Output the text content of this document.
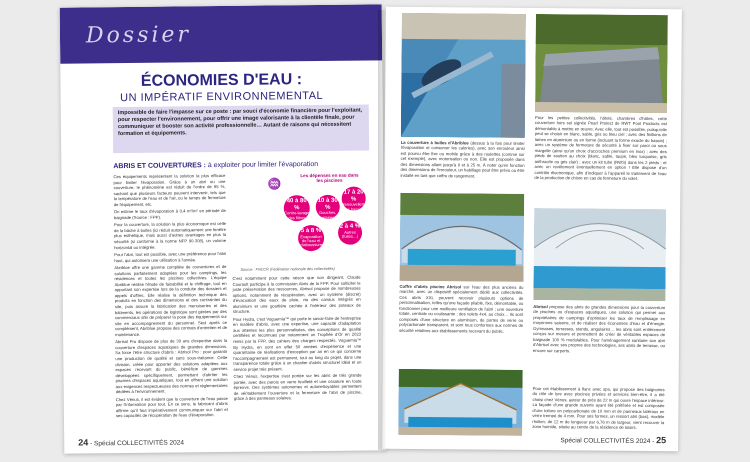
Dossier
ÉCONOMIES D'EAU :
UN IMPÉRATIF ENVIRONNEMENTAL
Impossible de faire l'impasse sur ce poste : par souci d'économie financière pour l'exploitant, pour respecter l'environnement, pour offrir une image valorisante à la clientèle finale, pour communiquer et booster son activité professionnelle… Autant de raisons qui nécessitent formation et équipements.
ABRIS ET COUVERTURES : à exploiter pour limiter l'évaporation

Ces équipements représentent la solution la plus efficace pour limiter l'évaporation. Grâce à un abri ou une couverture, le phénomène est réduit de l'ordre de 95 %, sachant que plusieurs facteurs peuvent intervenir, tels que la température de l'eau et de l'air, ou le temps de fermeture de l'équipement, etc.

On estime le taux d'évaporation à 0,4 m³/m² en période de baignade (Source : FPP).

Pour la couverture, la solution la plus économique est celle de la bâche à bulles (ici réduit automatiquement une fenêtre plus esthétique, mais aussi d'autres avantages en plus la sécurité (si conforme à la norme NFP 90-308), un volume horizontal ou intégrée.

Pour l'abri, tout est possible, avec une préférence pour l'abri haut, qui autorisera une utilisation à l'année.

Abriblue offre une gamme complète de couvertures et de solutions parfaitement adaptées pour les campings, les résidences et toutes les piscines collectives. L'équipe Abriblue réalise l'étude de faisabilité et le chiffrage, tout en apportant son expertise lors de la conduite des dossiers et appels d'offres. Elle réalise la définition technique des produits en fonction des dimensions et des contraintes du site, puis assure la fabrication des menuiseries et des bâtiments, les opérations de logistique sont gérées par des commerciaux afin de préparer la pose des équipements sur site en accompagnement du personnel. Seul après ce complément, Abriblue propose des contrats d'entretien et de maintenance.

Abrisol Pro dispose de plus de 30 ans d'expertise dans la couverture d'espaces aquatiques de grandes dimensions. Sa force l'être structure d'abris : Abrisol Pro : pour garantir une production de qualité et sans sous-traitance. Cette division, créée pour apporter des solutions adaptées aux espaces recevant du public, bénéficie de gammes développées spécifiquement, permettant d'abriter les piscines d'espaces aquatiques, tout en offrant une solution aux exigences respectueuses des normes et réglementaires dédiées à l'environnement.

Chez Vénus, il est évident que la couverture de l'eau passe par l'information pour tout. En ce sens, le fabricant d'abris affirme qu'il faut impérativement communiquer sur l'abri et ses capacités de récupération de l'eau d'évaporation.

Les dépenses en eau dans les piscines
♒
40 à 80 %
Contre-lavage des filtres
10 à 30 %
Douches, sanitaires et lavabos
17 à 20 %
Renouvellement des bassins
5 à 8 %
Évaporation de l'eau et éclaboussures
2 à 4 %
Autres (fuites…)
Source : FNCCR (Fédération nationale des collectivités)

C'est notamment pour cette raison que son dirigeant, Claude Courault participe à la commission Abris de la FPP. Pour solliciter le juste préservation des ressources, Abrisol propose de nombreuses options, notamment de récupération, avec un système (discret) d'évacuation des eaux de pluie, via des canaux intégrés en aluminium et une gouttière cachée à l'intérieur des poteaux de structure.

Pour Hydra, c'est Voguemia™ qui porte le savoir-faire de l'entreprise en matière d'abris, avec une expertise, une capacité d'adaptation aux attentes les plus personnalisées, des conceptions de qualité certifiées et reconnues par notamment un Trophée d'Or en 2023 remis par la FPP, des cahiers des charges respectés. Voguemia™ By Hydra, en sont en effet 50 années d'expérience et une quarantaine de réalisations d'exception par an en ce qui concerne l'accompagnement est permanent, tout au long du projet, dans une transparence totale grâce à un chantier d'abris structurel idéal et un service projet très présent.

Chez Vénus, l'expertise s'est portée sur les abris de très grande portée, avec des parois en verre feuilleté et une ossature en toute épreuve. Des systèmes autonomes et autonettoyables permettent de véritablement l'ouverture et la fermeture de l'abri de piscine, grâce à des panneaux solaires.

24 - Spécial COLLECTIVITÉS 2024
La couverture à bulles d'Abriblue (dessus à la fois pour limiter l'évaporation et conserver les calories), avec son enrouleur ainsi est pourvu être fixe ou mobile grâce à des roulettes (comme sur cet exemple), avec motorisation ou non. Elle est proposée dans des dimensions allant jusqu'à 9 et à 25 m. À noter qu'en fonction des dimensions de l'enrouleur, un habillage peut être prévu ou être installé en tant que coffre de rangement.
Pour les petites collectivités, hôtels, chambres d'hôtes, cette couverture hors sol signée Pearl Protect de RWT Pool Products est démontable à mettre en œuvre. Avec elle, tout est possible, puisqu'elle peut se choisir en blanc, sable, gris ou bleu ciel ; avec des finitions de lames en aluminium ou en forme (incluant la forme exacte du bassin) ; avec un système de fermeture de sécurité à fixer sur paroi ou sous margelle (ainsi qu'un choix d'accroches premium en inox) ; avec des pieds de soutien au choix (blanc, sable, taupe, bleu turquoise, gris anthracite ou gris clair) ; avec un kit tube (RWS) dans les 2 pieds ; et avec un revêtement éventuellement en option ! Elle dispose d'un contrôle électronique, afin d'indiquer à l'appareil le traitement de l'eau de la production de chlore en cas de fermeture du volet.
Coffre d'abris piscine Abrisol sur l'eau des plus anciens du marché, avec un dispositif spécialement dédié aux collectivités. Ces abris XXL peuvent recevoir plusieurs options de personnalisation, telles qu'une façade pliable, fixe, démontable, ou fonctionner pour une meilleure ventilation de l'abri ; une ouverture totale, centrale ou coulissante ; des volets 4x4, au choix… Ils sont composés d'une structure en aluminium, de portes de verre ou polycarbonate transparent, et sont tous conformes aux normes de sécurité relatives aux établissements recevant du public.
Abrisol propose des abris de grandes dimensions pour la couverture de piscines ou d'espaces aquatiques, une solution qui permet aux propriétaires de campings d'optimiser les taux de remplissage en moyennes saisons, et de réaliser des économies d'eau et d'énergie. Gymnases, terrasses, stands, angulaires… les abris sont entièrement conçus sur mesure et permettent de créer de véritables espaces de baignade 100 % modulables. Pour l'aménagement sanitaire son abri d'Abrisol avec ses propres des technologies, ses abris de terrasse, ou encore sur carports.
Pour cet établissement à flanc avec spa, qui propose des baignoires du rôle de lyre avec piscines privées et services bien-être, il a été choisi chez Vénus, auteur de près de 22 m qui ouvre l'espace intérieur. La façade d'une grande ouverte ayant été préférée et est composée d'une toiture en polycarbonate de 10 mm et de panneaux latéraux en verre trempé de 4 mm. Pour ses formes, un ressort abri (bas), modèle rhollen, de 12 m de longueur par 6,76 m de largeur, vient recouvrir la zone humide, située au centre de la résidence de loisirs.
Spécial COLLECTIVITÉS 2024 - 25
